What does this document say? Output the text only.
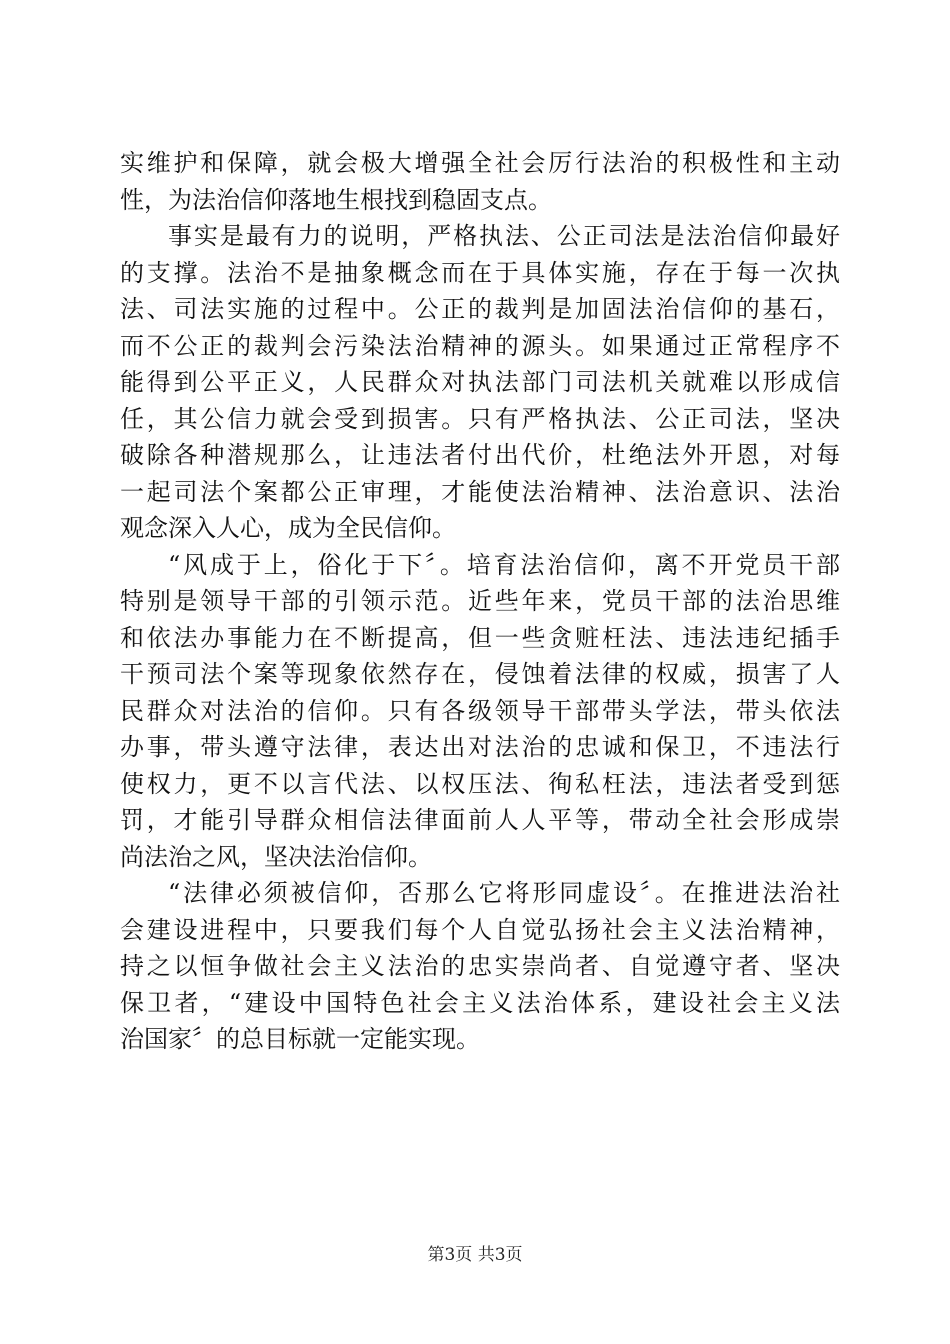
实维护和保障，就会极大增强全社会厉行法治的积极性和主动
性，为法治信仰落地生根找到稳固支点。
事实是最有力的说明，严格执法、公正司法是法治信仰最好
的支撑。法治不是抽象概念而在于具体实施，存在于每一次执
法、司法实施的过程中。公正的裁判是加固法治信仰的基石，
而不公正的裁判会污染法治精神的源头。如果通过正常程序不
能得到公平正义，人民群众对执法部门司法机关就难以形成信
任，其公信力就会受到损害。只有严格执法、公正司法，坚决
破除各种潜规那么，让违法者付出代价，杜绝法外开恩，对每
一起司法个案都公正审理，才能使法治精神、法治意识、法治
观念深入人心，成为全民信仰。
“风成于上，俗化于下〞。培育法治信仰，离不开党员干部
特别是领导干部的引领示范。近些年来，党员干部的法治思维
和依法办事能力在不断提高，但一些贪赃枉法、违法违纪插手
干预司法个案等现象依然存在，侵蚀着法律的权威，损害了人
民群众对法治的信仰。只有各级领导干部带头学法，带头依法
办事，带头遵守法律，表达出对法治的忠诚和保卫，不违法行
使权力，更不以言代法、以权压法、徇私枉法，违法者受到惩
罚，才能引导群众相信法律面前人人平等，带动全社会形成崇
尚法治之风，坚决法治信仰。
“法律必须被信仰，否那么它将形同虚设〞。在推进法治社
会建设进程中，只要我们每个人自觉弘扬社会主义法治精神，
持之以恒争做社会主义法治的忠实崇尚者、自觉遵守者、坚决
保卫者，“建设中国特色社会主义法治体系，建设社会主义法
治国家〞的总目标就一定能实现。
第3页 共3页
